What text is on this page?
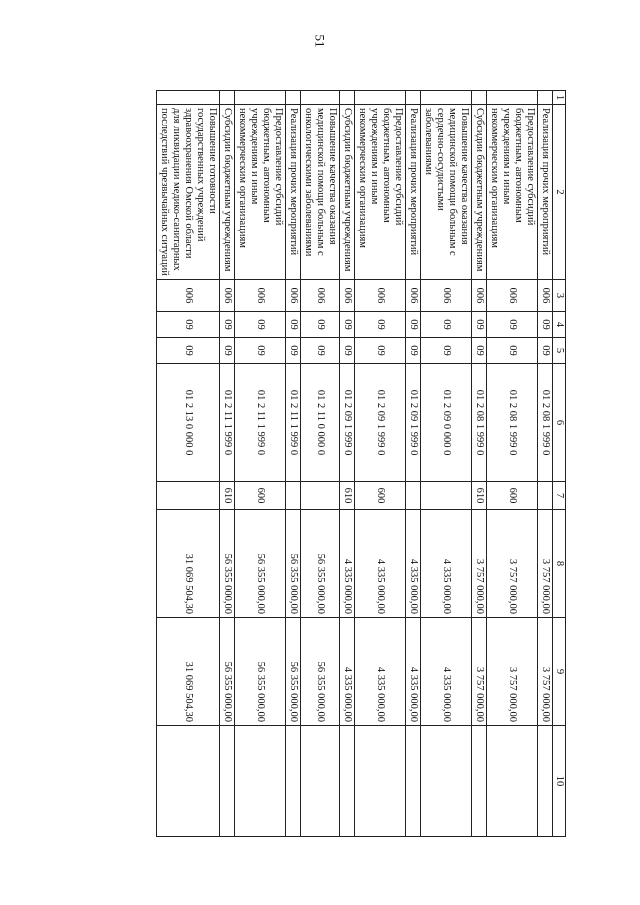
51
1	2	3	4	5	6	7	8	9	10
	Реализация прочих мероприятий	006	09	09	01 2 08 1 999 0		3 757 000,00	3 757 000,00	
	Предоставление субсидий бюджетным, автономным учреждениям и иным некоммерческим организациям	006	09	09	01 2 08 1 999 0	600	3 757 000,00	3 757 000,00	
	Субсидии бюджетным учреждениям	006	09	09	01 2 08 1 999 0	610	3 757 000,00	3 757 000,00	
	Повышение качества оказания медицинской помощи больным с сердечно-сосудистыми заболеваниями	006	09	09	01 2 09 0 000 0		4 335 000,00	4 335 000,00	
	Реализация прочих мероприятий	006	09	09	01 2 09 1 999 0		4 335 000,00	4 335 000,00	
	Предоставление субсидий бюджетным, автономным учреждениям и иным некоммерческим организациям	006	09	09	01 2 09 1 999 0	600	4 335 000,00	4 335 000,00	
	Субсидии бюджетным учреждениям	006	09	09	01 2 09 1 999 0	610	4 335 000,00	4 335 000,00	
	Повышение качества оказания медицинской помощи больным с онкологическими заболеваниями	006	09	09	01 2 11 0 000 0		56 355 000,00	56 355 000,00	
	Реализация прочих мероприятий	006	09	09	01 2 11 1 999 0		56 355 000,00	56 355 000,00	
	Предоставление субсидий бюджетным, автономным учреждениям и иным некоммерческим организациям	006	09	09	01 2 11 1 999 0	600	56 355 000,00	56 355 000,00	
	Субсидии бюджетным учреждениям	006	09	09	01 2 11 1 999 0	610	56 355 000,00	56 355 000,00	
	Повышение готовности государственных учреждений здравоохранения Омской области для ликвидации медико-санитарных последствий чрезвычайных ситуаций	006	09	09	01 2 13 0 000 0		31 069 504,30	31 069 504,30	
